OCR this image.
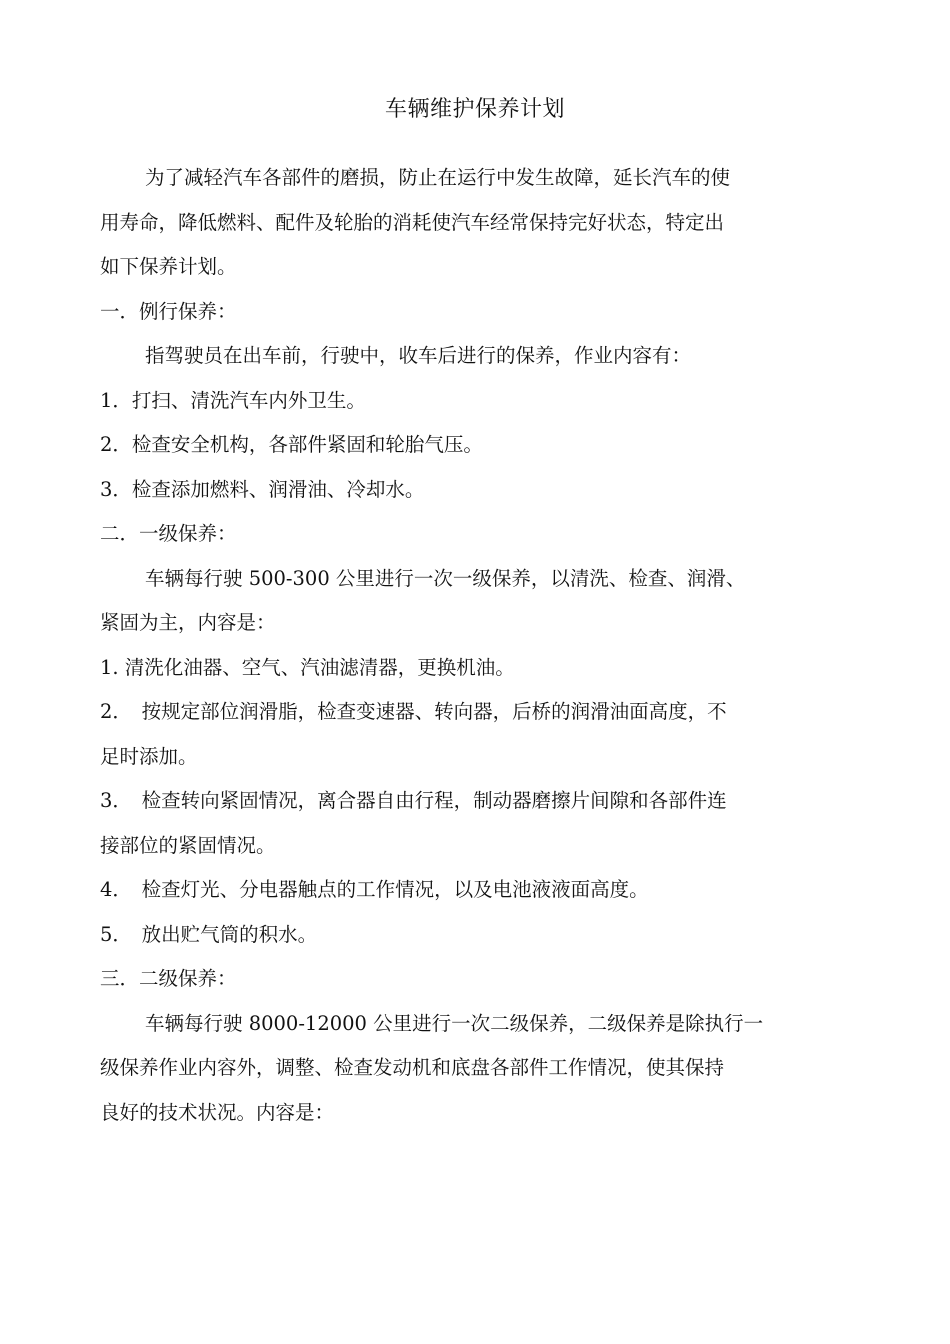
车辆维护保养计划

为了减轻汽车各部件的磨损，防止在运行中发生故障，延长汽车的使

用寿命，降低燃料、配件及轮胎的消耗使汽车经常保持完好状态，特定出

如下保养计划。

一．例行保养：

指驾驶员在出车前，行驶中，收车后进行的保养，作业内容有：

1．打扫、清洗汽车内外卫生。

2．检查安全机构，各部件紧固和轮胎气压。

3．检查添加燃料、润滑油、冷却水。

二．一级保养：

车辆每行驶 500-300 公里进行一次一级保养，以清洗、检查、润滑、

紧固为主，内容是：

1. 清洗化油器、空气、汽油滤清器，更换机油。

2．　按规定部位润滑脂，检查变速器、转向器，后桥的润滑油面高度，不

足时添加。

3．　检查转向紧固情况，离合器自由行程，制动器磨擦片间隙和各部件连

接部位的紧固情况。

4．　检查灯光、分电器触点的工作情况，以及电池液液面高度。

5．　放出贮气筒的积水。

三．二级保养：

车辆每行驶 8000-12000 公里进行一次二级保养，二级保养是除执行一

级保养作业内容外，调整、检查发动机和底盘各部件工作情况，使其保持

良好的技术状况。内容是：
